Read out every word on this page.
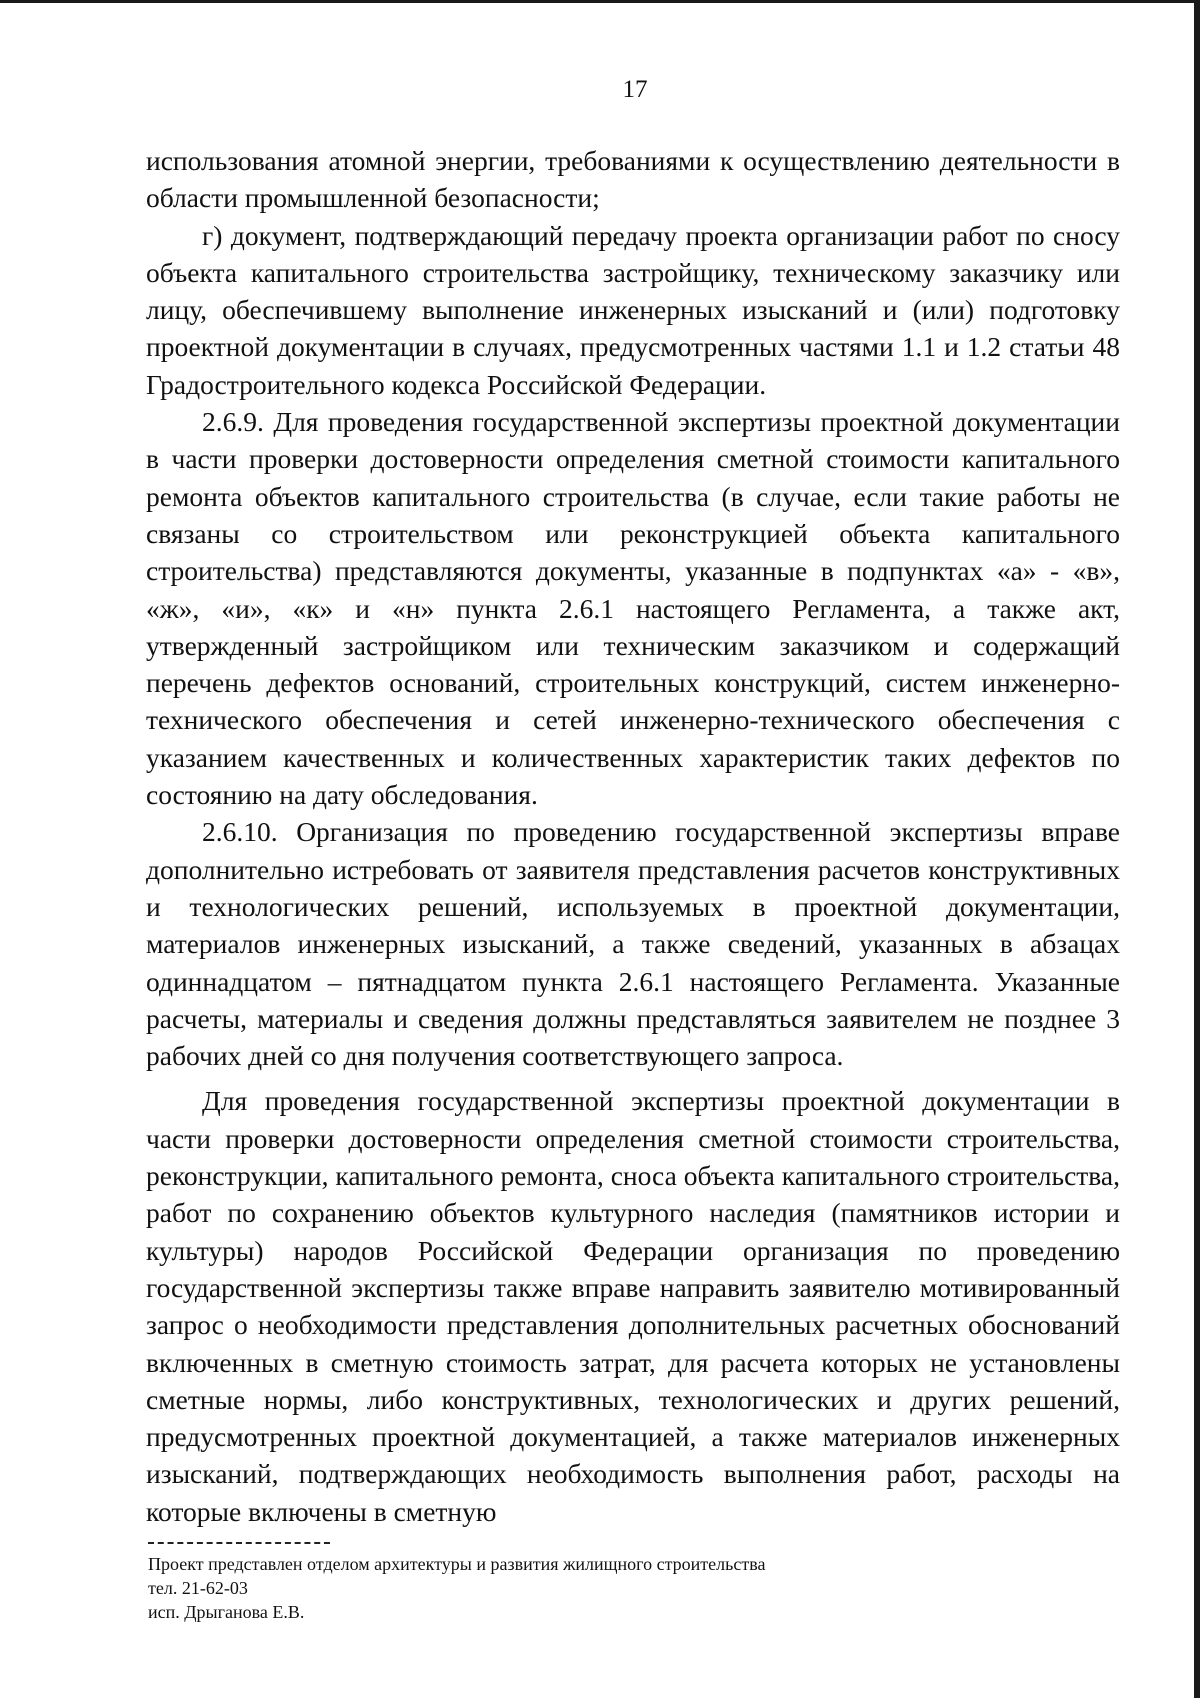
17

использования атомной энергии, требованиями к осуществлению деятельности в области промышленной безопасности;

г) документ, подтверждающий передачу проекта организации работ по сносу объекта капитального строительства застройщику, техническому заказчику или лицу, обеспечившему выполнение инженерных изысканий и (или) подготовку проектной документации в случаях, предусмотренных частями 1.1 и 1.2 статьи 48 Градостроительного кодекса Российской Федерации.

2.6.9. Для проведения государственной экспертизы проектной документации в части проверки достоверности определения сметной стоимости капитального ремонта объектов капитального строительства (в случае, если такие работы не связаны со строительством или реконструкцией объекта капитального строительства) представляются документы, указанные в подпунктах «а» - «в», «ж», «и», «к» и «н» пункта 2.6.1 настоящего Регламента, а также акт, утвержденный застройщиком или техническим заказчиком и содержащий перечень дефектов оснований, строительных конструкций, систем инженерно-технического обеспечения и сетей инженерно-технического обеспечения с указанием качественных и количественных характеристик таких дефектов по состоянию на дату обследования.

2.6.10. Организация по проведению государственной экспертизы вправе дополнительно истребовать от заявителя представления расчетов конструктивных и технологических решений, используемых в проектной документации, материалов инженерных изысканий, а также сведений, указанных в абзацах одиннадцатом – пятнадцатом пункта 2.6.1 настоящего Регламента. Указанные расчеты, материалы и сведения должны представляться заявителем не позднее 3 рабочих дней со дня получения соответствующего запроса.

Для проведения государственной экспертизы проектной документации в части проверки достоверности определения сметной стоимости строительства, реконструкции, капитального ремонта, сноса объекта капитального строительства, работ по сохранению объектов культурного наследия (памятников истории и культуры) народов Российской Федерации организация по проведению государственной экспертизы также вправе направить заявителю мотивированный запрос о необходимости представления дополнительных расчетных обоснований включенных в сметную стоимость затрат, для расчета которых не установлены сметные нормы, либо конструктивных, технологических и других решений, предусмотренных проектной документацией, а также материалов инженерных изысканий, подтверждающих необходимость выполнения работ, расходы на которые включены в сметную

Проект представлен отделом архитектуры и развития жилищного строительства
тел. 21-62-03
исп. Дрыганова Е.В.
